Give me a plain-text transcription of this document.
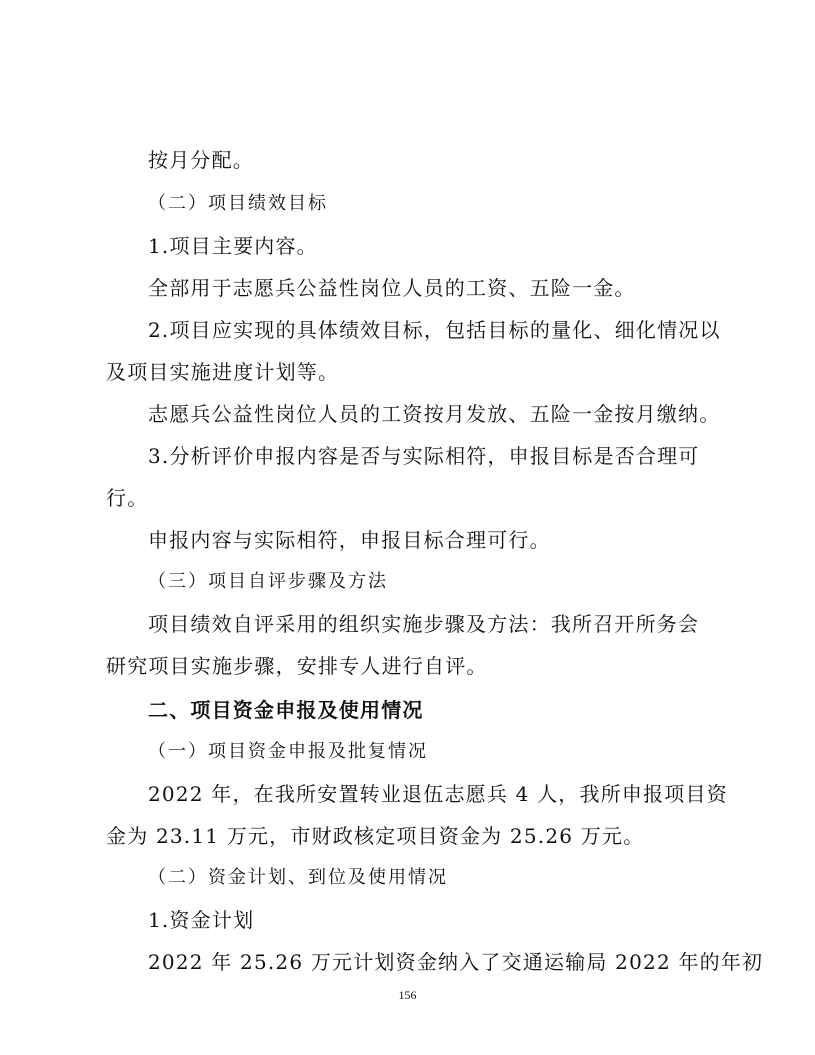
按月分配。
（二）项目绩效目标
1.项目主要内容。
全部用于志愿兵公益性岗位人员的工资、五险一金。
2.项目应实现的具体绩效目标，包括目标的量化、细化情况以
及项目实施进度计划等。
志愿兵公益性岗位人员的工资按月发放、五险一金按月缴纳。
3.分析评价申报内容是否与实际相符，申报目标是否合理可
行。
申报内容与实际相符，申报目标合理可行。
（三）项目自评步骤及方法
项目绩效自评采用的组织实施步骤及方法：我所召开所务会
研究项目实施步骤，安排专人进行自评。
二、项目资金申报及使用情况
（一）项目资金申报及批复情况
2022 年，在我所安置转业退伍志愿兵 4 人，我所申报项目资
金为 23.11 万元，市财政核定项目资金为 25.26 万元。
（二）资金计划、到位及使用情况
1.资金计划
2022 年 25.26 万元计划资金纳入了交通运输局 2022 年的年初
156
